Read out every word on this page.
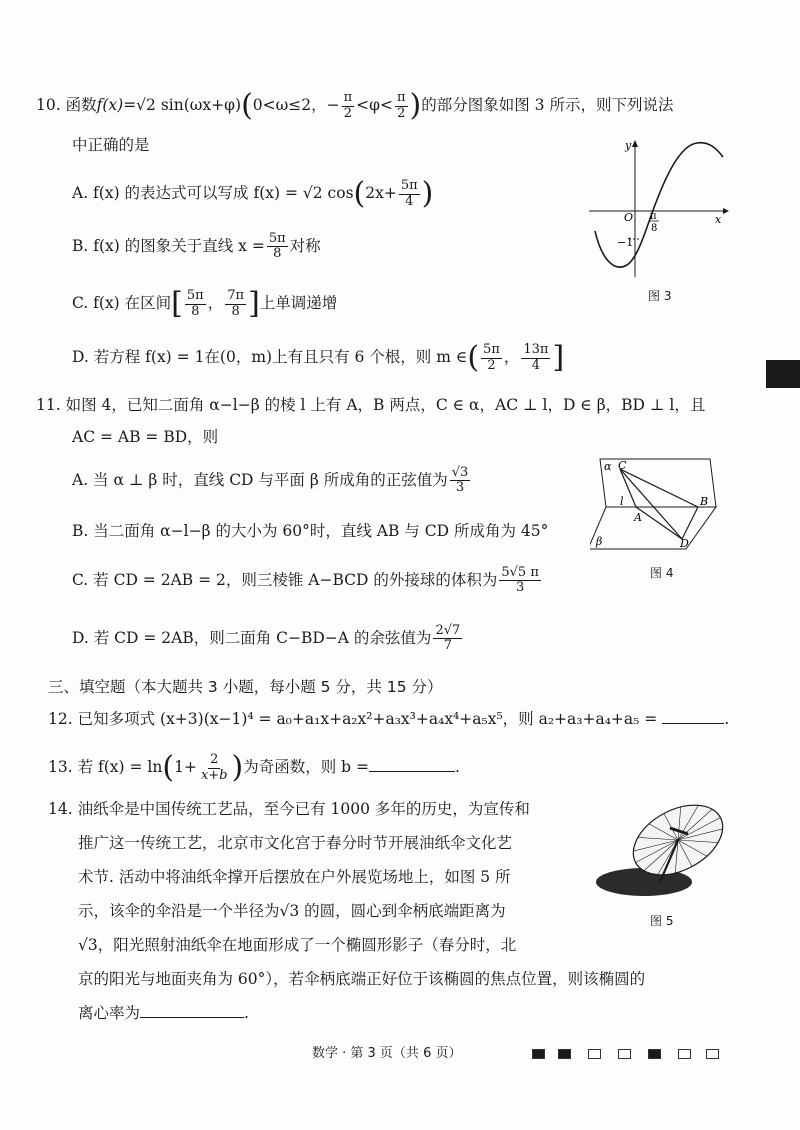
10. 函数f(x)=√2 sin(ωx+φ)(0<ω≤2，− $\frac{\pi}{2} <\varphi< \frac{\pi}{2}$ )的部分图象如图 3 所示，则下列说法
中正确的是
A. f(x) 的表达式可以写成 f(x) = √2 $\cos(2x+ \frac{5\pi}{4}$ )
B. f(x) 的图象关于直线 $x = \frac{5\pi}{8}$ 对称
C. f(x) 在区间[ $\frac{5\pi}{8}$ ， $\frac{7\pi}{8}$ ]上单调递增
D. 若方程 f(x) = 1在(0，m)上有且只有 6 个根，则 m ∈( $\frac{5\pi}{2}$ ， $\frac{13\pi}{4}$ ]
y
x
O π
8
−1
图 3
11. 如图 4，已知二面角 α−l−β 的棱 l 上有 A，B 两点，C ∈ α，AC ⊥ l，D ∈ β，BD ⊥ l，且
AC = AB = BD，则
A. 当 α ⊥ β 时，直线 CD 与平面 β 所成角的正弦值为 $\frac{√3}{3}$
B. 当二面角 α−l−β 的大小为 60°时，直线 AB 与 CD 所成角为 45°
C. 若 CD = 2AB = 2，则三棱锥 A−BCD 的外接球的体积为 $\frac{5√5 \pi}{3}$
D. 若 CD = 2AB，则二面角 C−BD−A 的余弦值为 $\frac{2√7}{7}$
α C
l
A
B
D
β
图 4
三、填空题（本大题共 3 小题，每小题 5 分，共 15 分）
12. 已知多项式 (x+3)(x−1)⁴ = a₀+a₁x+a₂x²+a₃x³+a₄x⁴+a₅x⁵，则 a₂+a₃+a₄+a₅ =	.
13. 若 $f(x) = \ln(1+ \frac{2}{x+b}$ )为奇函数，则 b =	.
14. 油纸伞是中国传统工艺品，至今已有 1000 多年的历史，为宣传和
推广这一传统工艺，北京市文化宫于春分时节开展油纸伞文化艺
术节. 活动中将油纸伞撑开后摆放在户外展览场地上，如图 5 所
示，该伞的伞沿是一个半径为√3 的圆，圆心到伞柄底端距离为
√3，阳光照射油纸伞在地面形成了一个椭圆形影子（春分时，北
京的阳光与地面夹角为 60°），若伞柄底端正好位于该椭圆的焦点位置，则该椭圆的
离心率为	.
图 5
数学 · 第 3 页（共 6 页）
